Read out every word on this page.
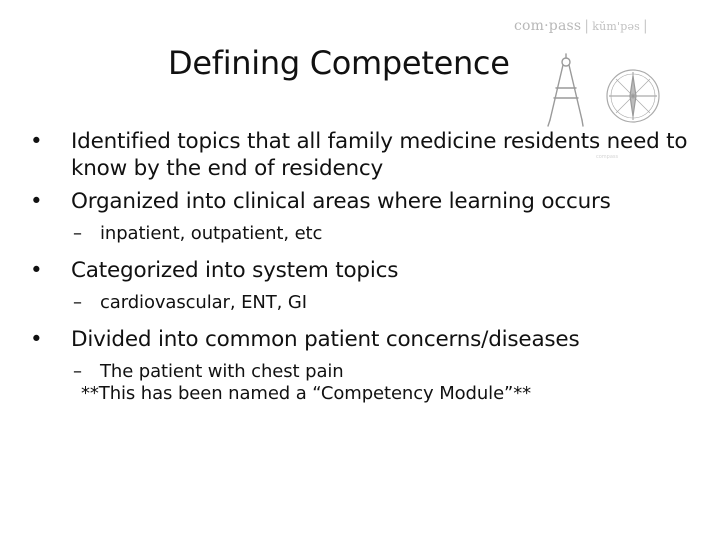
com·pass | kŭm'pəs |
compass
Defining Competence
•	Identified topics that all family medicine residents need to know by the end of residency
•	Organized into clinical areas where learning occurs
– inpatient, outpatient, etc
•	Categorized into system topics
– cardiovascular, ENT, GI
•	Divided into common patient concerns/diseases
– The patient with chest pain
**This has been named a “Competency Module”**
